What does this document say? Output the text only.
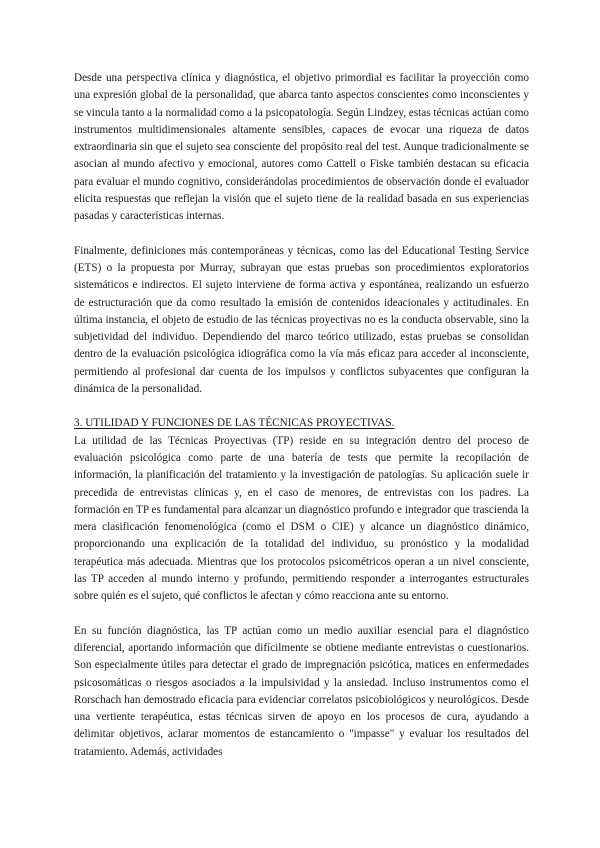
Desde una perspectiva clínica y diagnóstica, el objetivo primordial es facilitar la proyección como una expresión global de la personalidad, que abarca tanto aspectos conscientes como inconscientes y se vincula tanto a la normalidad como a la psicopatología. Según Lindzey, estas técnicas actúan como instrumentos multidimensionales altamente sensibles, capaces de evocar una riqueza de datos extraordinaria sin que el sujeto sea consciente del propósito real del test. Aunque tradicionalmente se asocian al mundo afectivo y emocional, autores como Cattell o Fiske también destacan su eficacia para evaluar el mundo cognitivo, considerándolas procedimientos de observación donde el evaluador elicita respuestas que reflejan la visión que el sujeto tiene de la realidad basada en sus experiencias pasadas y características internas.

Finalmente, definiciones más contemporáneas y técnicas, como las del Educational Testing Service (ETS) o la propuesta por Murray, subrayan que estas pruebas son procedimientos exploratorios sistemáticos e indirectos. El sujeto interviene de forma activa y espontánea, realizando un esfuerzo de estructuración que da como resultado la emisión de contenidos ideacionales y actitudinales. En última instancia, el objeto de estudio de las técnicas proyectivas no es la conducta observable, sino la subjetividad del individuo. Dependiendo del marco teórico utilizado, estas pruebas se consolidan dentro de la evaluación psicológica idiográfica como la vía más eficaz para acceder al inconsciente, permitiendo al profesional dar cuenta de los impulsos y conflictos subyacentes que configuran la dinámica de la personalidad.

3. UTILIDAD Y FUNCIONES DE LAS TÉCNICAS PROYECTIVAS.

La utilidad de las Técnicas Proyectivas (TP) reside en su integración dentro del proceso de evaluación psicológica como parte de una batería de tests que permite la recopilación de información, la planificación del tratamiento y la investigación de patologías. Su aplicación suele ir precedida de entrevistas clínicas y, en el caso de menores, de entrevistas con los padres. La formación en TP es fundamental para alcanzar un diagnóstico profundo e integrador que trascienda la mera clasificación fenomenológica (como el DSM o CIE) y alcance un diagnóstico dinámico, proporcionando una explicación de la totalidad del individuo, su pronóstico y la modalidad terapéutica más adecuada. Mientras que los protocolos psicométricos operan a un nivel consciente, las TP acceden al mundo interno y profundo, permitiendo responder a interrogantes estructurales sobre quién es el sujeto, qué conflictos le afectan y cómo reacciona ante su entorno.

En su función diagnóstica, las TP actúan como un medio auxiliar esencial para el diagnóstico diferencial, aportando información que difícilmente se obtiene mediante entrevistas o cuestionarios. Son especialmente útiles para detectar el grado de impregnación psicótica, matices en enfermedades psicosomáticas o riesgos asociados a la impulsividad y la ansiedad. Incluso instrumentos como el Rorschach han demostrado eficacia para evidenciar correlatos psicobiológicos y neurológicos. Desde una vertiente terapéutica, estas técnicas sirven de apoyo en los procesos de cura, ayudando a delimitar objetivos, aclarar momentos de estancamiento o "impasse" y evaluar los resultados del tratamiento. Además, actividades
